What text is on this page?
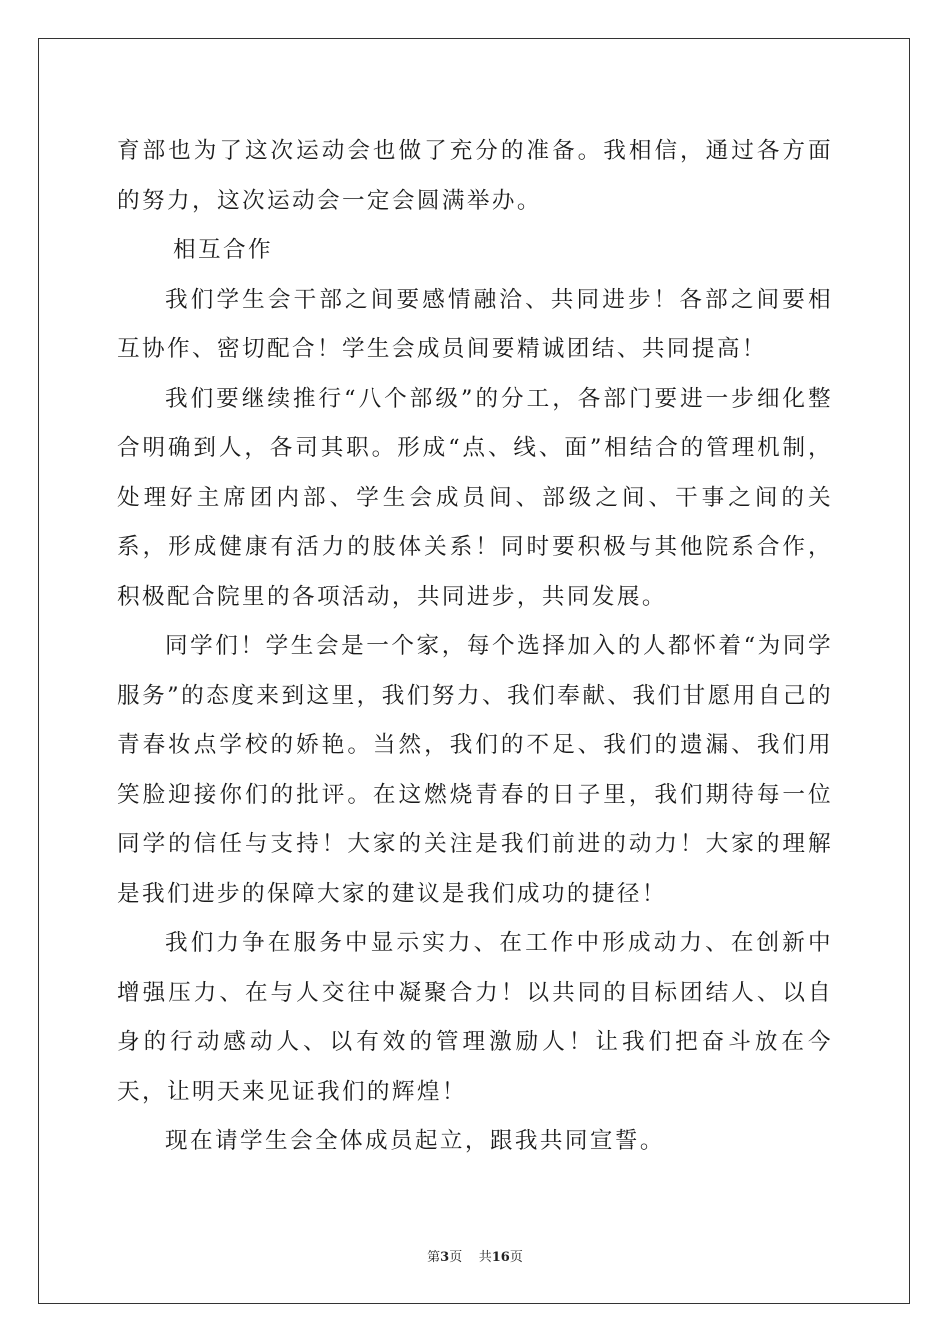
育部也为了这次运动会也做了充分的准备。我相信，通过各方面的努力，这次运动会一定会圆满举办。

相互合作

我们学生会干部之间要感情融洽、共同进步！各部之间要相互协作、密切配合！学生会成员间要精诚团结、共同提高！

我们要继续推行“八个部级”的分工，各部门要进一步细化整合明确到人，各司其职。形成“点、线、面”相结合的管理机制，处理好主席团内部、学生会成员间、部级之间、干事之间的关系，形成健康有活力的肢体关系！同时要积极与其他院系合作，积极配合院里的各项活动，共同进步，共同发展。

同学们！学生会是一个家，每个选择加入的人都怀着“为同学服务”的态度来到这里，我们努力、我们奉献、我们甘愿用自己的青春妆点学校的娇艳。当然，我们的不足、我们的遗漏、我们用笑脸迎接你们的批评。在这燃烧青春的日子里，我们期待每一位同学的信任与支持！大家的关注是我们前进的动力！大家的理解是我们进步的保障大家的建议是我们成功的捷径！

我们力争在服务中显示实力、在工作中形成动力、在创新中增强压力、在与人交往中凝聚合力！以共同的目标团结人、以自身的行动感动人、以有效的管理激励人！让我们把奋斗放在今天，让明天来见证我们的辉煌！

现在请学生会全体成员起立，跟我共同宣誓。

第3页 共16页
